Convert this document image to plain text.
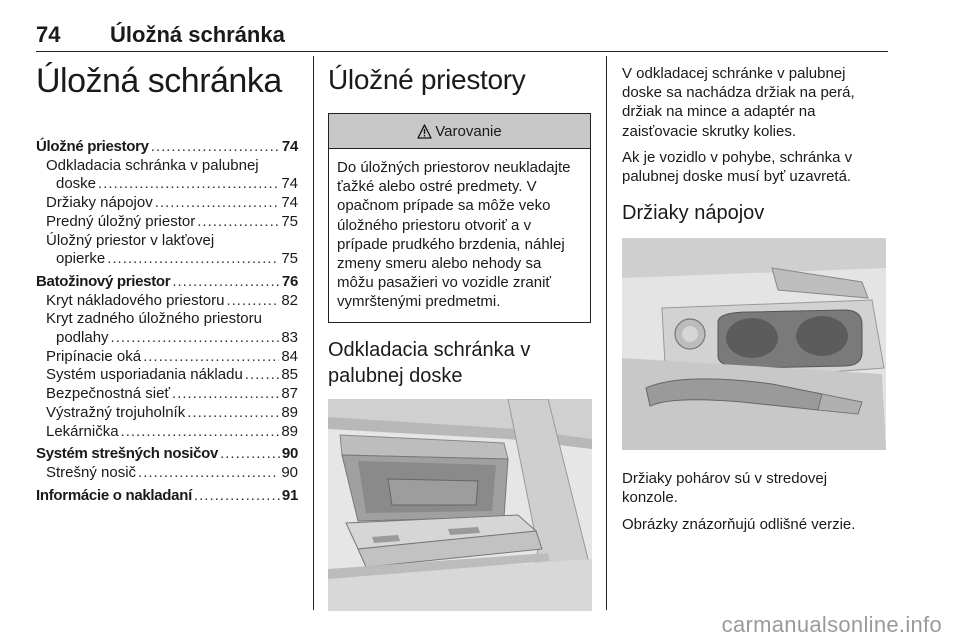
74 Úložná schránka
Úložná schránka
Úložné priestory .....	74
Odkladacia schránka v palubnej
doske .....	74
Držiaky nápojov .....	74
Predný úložný priestor .....	75
Úložný priestor v lakťovej
opierke .....	75
Batožinový priestor .....	76
Kryt nákladového priestoru .....	82
Kryt zadného úložného priestoru
podlahy .....	83
Pripínacie oká .....	84
Systém usporiadania nákladu .....	85
Bezpečnostná sieť .....	87
Výstražný trojuholník .....	89
Lekárnička .....	89
Systém strešných nosičov .....	90
Strešný nosič .....	90
Informácie o nakladaní .....	91
Úložné priestory
Varovanie
Do úložných priestorov neukladajte ťažké alebo ostré predmety. V opačnom prípade sa môže veko úložného priestoru otvoriť a v prípade prudkého brzdenia, náhlej zmeny smeru alebo nehody sa môžu pasažieri vo vozidle zraniť vymrštenými predmetmi.
Odkladacia schránka v palubnej doske

V odkladacej schránke v palubnej doske sa nachádza držiak na perá, držiak na mince a adaptér na zaisťovacie skrutky kolies.

Ak je vozidlo v pohybe, schránka v palubnej doske musí byť uzavretá.

Držiaky nápojov

Držiaky pohárov sú v stredovej konzole.

Obrázky znázorňujú odlišné verzie.

carmanualsonline.info
